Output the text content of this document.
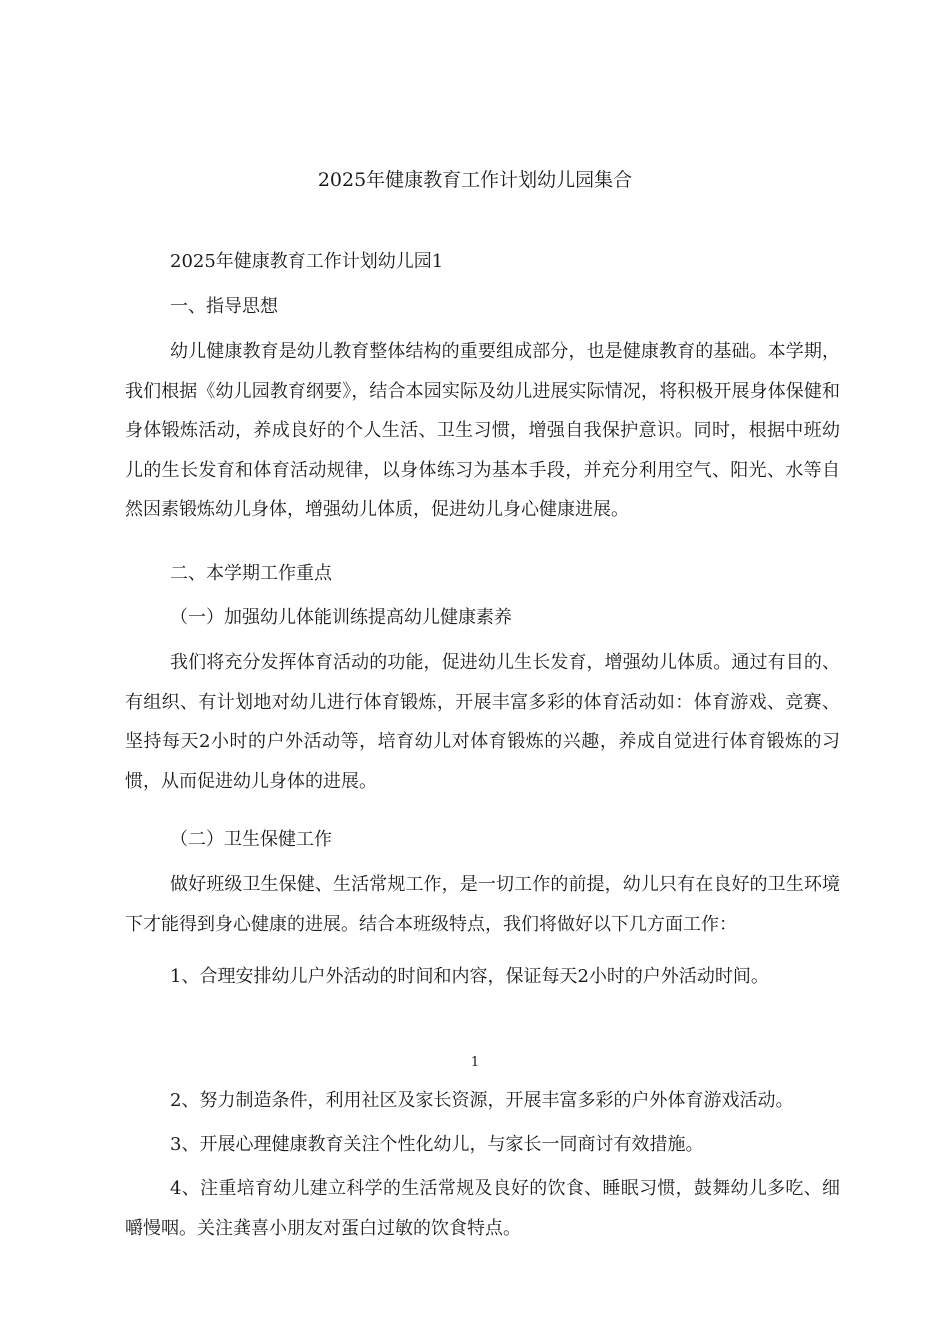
2025年健康教育工作计划幼儿园集合
2025年健康教育工作计划幼儿园1
一、指导思想

幼儿健康教育是幼儿教育整体结构的重要组成部分，也是健康教育的基础。本学期，我们根据《幼儿园教育纲要》，结合本园实际及幼儿进展实际情况，将积极开展身体保健和身体锻炼活动，养成良好的个人生活、卫生习惯，增强自我保护意识。同时，根据中班幼儿的生长发育和体育活动规律，以身体练习为基本手段，并充分利用空气、阳光、水等自然因素锻炼幼儿身体，增强幼儿体质，促进幼儿身心健康进展。

二、本学期工作重点
（一）加强幼儿体能训练提高幼儿健康素养

我们将充分发挥体育活动的功能，促进幼儿生长发育，增强幼儿体质。通过有目的、有组织、有计划地对幼儿进行体育锻炼，开展丰富多彩的体育活动如：体育游戏、竞赛、坚持每天2小时的户外活动等，培育幼儿对体育锻炼的兴趣，养成自觉进行体育锻炼的习惯，从而促进幼儿身体的进展。

（二）卫生保健工作

做好班级卫生保健、生活常规工作，是一切工作的前提，幼儿只有在良好的卫生环境下才能得到身心健康的进展。结合本班级特点，我们将做好以下几方面工作：

1、合理安排幼儿户外活动的时间和内容，保证每天2小时的户外活动时间。
1
2、努力制造条件，利用社区及家长资源，开展丰富多彩的户外体育游戏活动。
3、开展心理健康教育关注个性化幼儿，与家长一同商讨有效措施。

4、注重培育幼儿建立科学的生活常规及良好的饮食、睡眠习惯，鼓舞幼儿多吃、细嚼慢咽。关注龚喜小朋友对蛋白过敏的饮食特点。
